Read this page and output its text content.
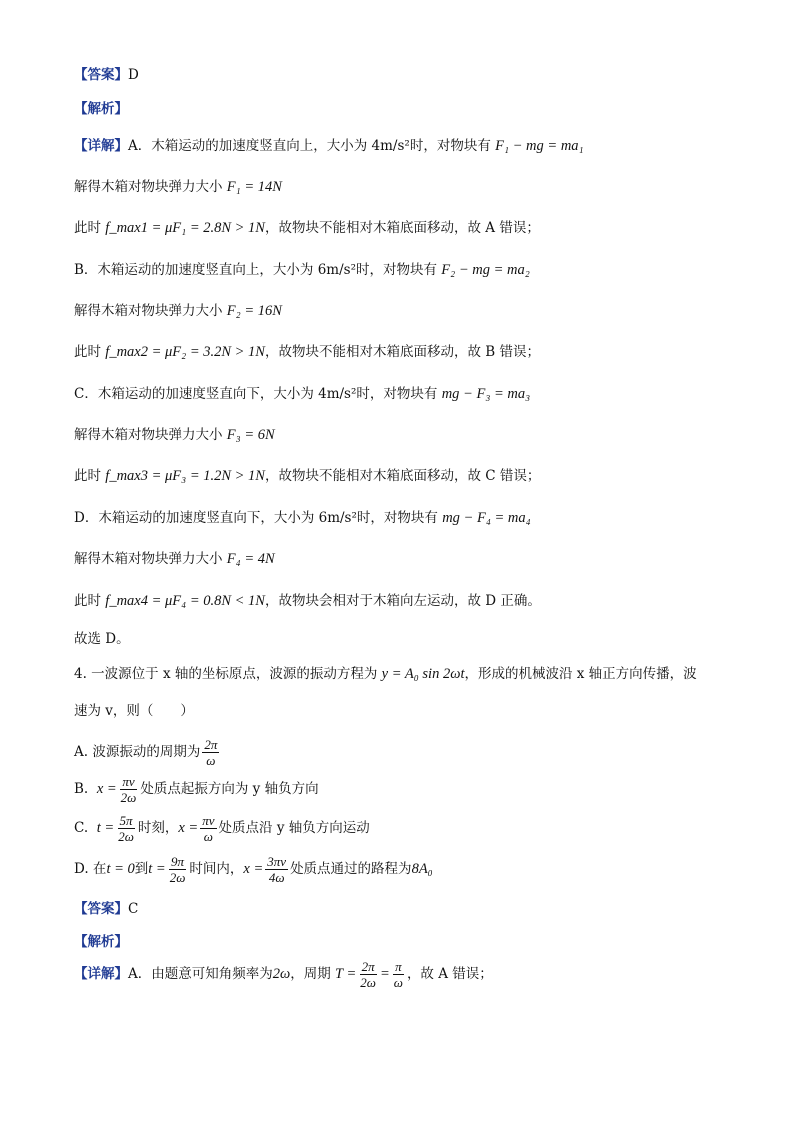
【答案】D
【解析】
【详解】A．木箱运动的加速度竖直向上，大小为 4m/s²时，对物块有 F₁ − mg = ma₁
解得木箱对物块弹力大小 F₁ = 14N
此时 f_max1 = μF₁ = 2.8N > 1N，故物块不能相对木箱底面移动，故 A 错误；
B．木箱运动的加速度竖直向上，大小为 6m/s²时，对物块有 F₂ − mg = ma₂
解得木箱对物块弹力大小 F₂ = 16N
此时 f_max2 = μF₂ = 3.2N > 1N，故物块不能相对木箱底面移动，故 B 错误；
C．木箱运动的加速度竖直向下，大小为 4m/s²时，对物块有 mg − F₃ = ma₃
解得木箱对物块弹力大小 F₃ = 6N
此时 f_max3 = μF₃ = 1.2N > 1N，故物块不能相对木箱底面移动，故 C 错误；
D．木箱运动的加速度竖直向下，大小为 6m/s²时，对物块有 mg − F₄ = ma₄
解得木箱对物块弹力大小 F₄ = 4N
此时 f_max4 = μF₄ = 0.8N < 1N，故物块会相对于木箱向左运动，故 D 正确。
故选 D。
4. 一波源位于 x 轴的坐标原点，波源的振动方程为 y = A₀ sin 2ωt，形成的机械波沿 x 轴正方向传播，波
速为 v，则（　　）
A. 波源振动的周期为 $\frac{2\pi}{\omega}$
B. $x = \frac{\pi v}{2\omega}$ 处质点起振方向为 y 轴负方向
C. $t = \frac{5\pi}{2\omega}$ 时刻，$x = \frac{\pi v}{\omega}$ 处质点沿 y 轴负方向运动
D. 在t = 0到$t = \frac{9\pi}{2\omega}$ 时间内，$x = \frac{3\pi v}{4\omega}$ 处质点通过的路程为8A₀
【答案】C
【解析】
【详解】A．由题意可知角频率为2ω，周期 $T = \frac{2\pi}{2\omega} = \frac{\pi}{\omega}$ ，故 A 错误；
